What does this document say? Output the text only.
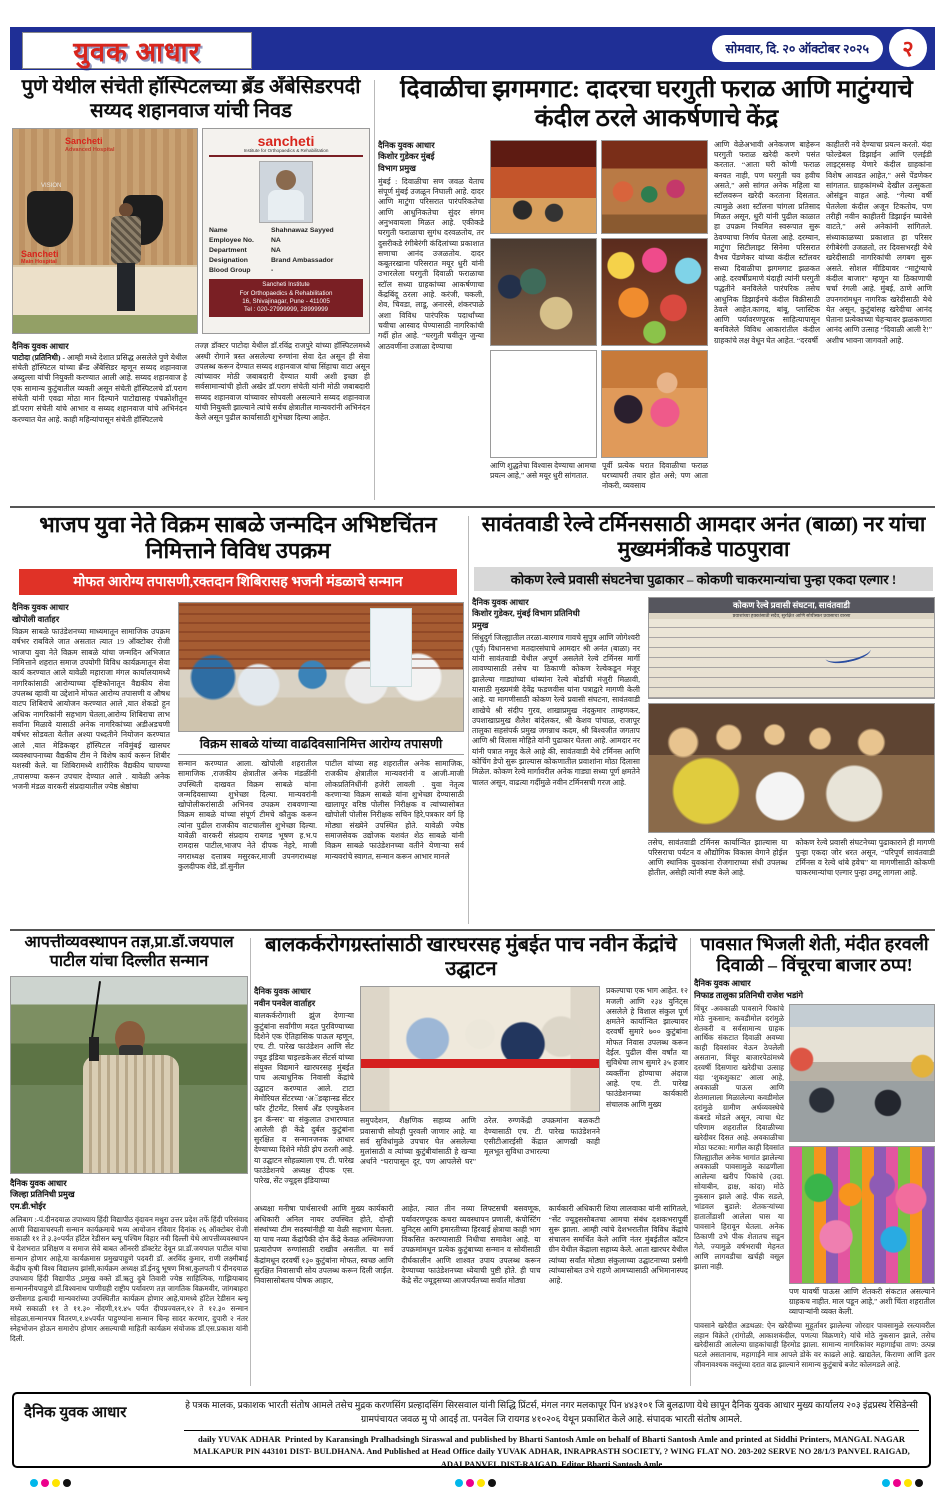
युवक आधार	सोमवार, दि. २० ऑक्टोबर २०२५	२
पुणे येथील संचेती हॉस्पिटलच्या ब्रँड अँबेसिडरपदी सय्यद शहानवाज यांची निवड
Sancheti
Advanced Hospital
VISION
Sancheti
Main Hospital
sancheti
Institute for Orthopaedics & Rehabilitation
Name	Shahnawaz Sayyed
Employee No.	NA
Department	NA
Designation	Brand Ambassador
Blood Group	-
Sancheti Institute
For Orthopaedics & Rehabilitation
16, Shivajinagar, Pune - 411005
Tel : 020-27999999, 28999999

दैनिक युवक आधार

पाटोदा (प्रतिनिधी) - आम्ही मध्ये देशात प्रसिद्ध असलेले पुणे येथील संचेती हॉस्पिटल यांच्या ब्रँन्ड अँबेसिडर म्हणून सय्यद शहानवाज अब्दुल्ला यांची नियुक्ती करण्यात आली आहे. सय्यद शहानवाज हे एक सामान्य कुटुंबातील व्यक्ती असून संचेती हॉस्पिटलचे डॉ.पराग संचेती यांनी एवढा मोठा मान दिल्याने पाटोद्यासह पंचक्रोशीतून डॉ.पराग संचेती यांचे आभार व सय्यद शहानवाज यांचे अभिनंदन करण्यात येत आहे. काही महिन्यांपासून संचेती हॉस्पिटलचे

तज्ज्ञ डॉक्टर पाटोदा येथील डॉ.रविंद्र राजपुरे यांच्या हॉस्पिटलमध्ये अस्थी रोगाने त्रस्त असलेल्या रुग्णांना सेवा देत असून ही सेवा उपलब्ध करून देण्यात सय्यद शहानवाज यांचा सिंहाचा वाटा असून त्यांच्यावर मोठी जबाबदारी देण्यात यावी अशी इच्छा ही सर्वसामान्यांची होती अखेर डॉ.पराग संचेती यांनी मोठी जबाबदारी सय्यद शहानवाज यांच्यावर सोपवली असल्याने सय्यद शहानवाज यांची नियुक्ती झाल्याने त्यांचे सर्वच क्षेत्रातील मान्यवरांनी अभिनंदन केले असून पुढील कार्यासाठी शुभेच्छा दिल्या आहेत.

दिवाळीचा झगमगाट: दादरचा घरगुती फराळ आणि माटुंग्याचे कंदील ठरले आकर्षणाचे केंद्र

दैनिक युवक आधार

किशोर गुडेकर मुंबई

विभाग प्रमुख

मुंबई : दिवाळीचा सण जवळ येताच संपूर्ण मुंबई उजळून निघाली आहे. दादर आणि माटुंगा परिसरात पारंपरिकतेचा आणि आधुनिकतेचा सुंदर संगम अनुभवायला मिळत आहे. एकीकडे घरगुती फराळाचा सुगंध दरवळतोय, तर दुसरीकडे रंगीबेरंगी कंदिलांच्या प्रकाशात सणाचा आनंद उजळतोय. दादर कबूतरखाना परिसरात मयूर धुरी यांनी उभारलेला घरगुती दिवाळी फराळाचा स्टॉल सध्या ग्राहकांच्या आकर्षणाचा केंद्रबिंदू ठरला आहे. करंजी, चकली, शेव, चिवडा, लाडू, अनारसे, शंकरपाळे अशा विविध पारंपरिक पदार्थांच्या चवीचा आस्वाद घेण्यासाठी नागरिकांची गर्दी होत आहे. “घरगुती चवीतून जुन्या आठवणींना उजाळा देण्याचा
आणि शुद्धतेचा विश्वास देण्याचा आमचा प्रयत्न आहे,” असे मयूर धुरी सांगतात.
पूर्वी प्रत्येक घरात दिवाळीचा फराळ घरच्याघरी तयार होत असे; पण आता नोकरी, व्यवसाय
आणि वेळेअभावी अनेकजण बाहेरून घरगुती फराळ खरेदी करणे पसंत करतात. “आता घरी कोणी फराळ बनवत नाही, पण घरगुती चव हवीच असते,” असे सांगत अनेक महिला या स्टॉलवरून खरेदी करताना दिसतात. त्यामुळे अशा स्टॉलना चांगला प्रतिसाद मिळत असून, धुरी यांनी पुढील काळात हा उपक्रम नियमित स्वरूपात सुरू ठेवण्याचा निर्णय घेतला आहे. दरम्यान, माटुंगा सिटीलाइट सिनेमा परिसरात वैभव पेंडणेकर यांच्या कंदील स्टॉलवर सध्या दिवाळीचा झगमगाट झळकत आहे. दरवर्षीप्रमाणे यंदाही त्यांनी घरगुती पद्धतीने बनविलेले पारंपरिक तसेच आधुनिक डिझाईनचे कंदील विक्रीसाठी ठेवले आहेत.कागद, बांबू, प्लास्टिक आणि पर्यावरणपूरक साहित्यापासून बनविलेले विविध आकारांतील कंदील ग्राहकांचे लक्ष वेधून घेत आहेत. “दरवर्षी
काहीतरी नवे देण्याचा प्रयत्न करतो. यंदा फोल्डेबल डिझाईन आणि एलईडी लाइट्ससह येणारे कंदील ग्राहकांना विशेष आवडत आहेत,” असे पेंडणेकर सांगतात. ग्राहकांमध्ये देखील उत्सुकता ओसंडून वाहत आहे. “गेल्या वर्षी घेतलेला कंदील अजून टिकतोय, पण तरीही नवीन काहीतरी डिझाईन घ्यावेसे वाटते,” असे अनेकांनी सांगितले. संध्याकाळच्या प्रकाशात हा परिसर रंगीबेरंगी उजळतो, तर दिवसभरही येथे खरेदीसाठी नागरिकांची लगबग सुरू असते. सोशल मीडियावर “माटुंग्याचे कंदील बाजार” म्हणून या ठिकाणाची चर्चा रंगली आहे. मुंबई, ठाणे आणि उपनगरांमधून नागरिक खरेदीसाठी येथे येत असून, कुटुंबांसह खरेदीचा आनंद घेताना प्रत्येकाच्या चेहऱ्यावर झळकणारा आनंद आणि उत्साह “दिवाळी आली रे!” अशीच भावना जागवतो आहे.
भाजप युवा नेते विक्रम साबळे जन्मदिन अभिष्टचिंतन निमित्ताने विविध उपक्रम
मोफत आरोग्य तपासणी,रक्तदान शिबिरासह भजनी मंडळाचे सन्मान

दैनिक युवक आधार

खोपोली वार्ताहर

विक्रम साबळे फाउंडेशनच्या माध्यमातून सामाजिक उपक्रम वर्षभर राबविले जात असतात त्यात 19 ऑक्टोबर रोजी भाजपा युवा नेते विक्रम साबळे यांचा जन्मदिन अभिजात निमित्ताने शहरात समाज उपयोगी विविध कार्यक्रमातून सेवा कार्य करण्यात आले यावेळी महाराजा मंगल कार्यालयामध्ये नागरिकांसाठी आरोग्याच्या दृष्टिकोनातून वैद्यकीय सेवा उपलब्ध व्हावी या उद्देशाने मोफत आरोग्य तपासणी व औषध वाटप शिबिराचे आयोजन करण्यात आले ,यात शेकडो हून अधिक नागरिकांनी सहभाग घेतला,आरोग्य शिबिराचा लाभ सर्वांना मिळावे यासाठी अनेक नागरिकांच्या अडीअडचणी वर्षभर सोडवता येतील अश्या पध्दतीने नियोजन करण्यात आले ,यात मेडिकव्हर हॉस्पिटल नविमुंबई खासघर व्यवस्थापनाच्या वैद्यकीय टीम ने विशेष कार्य करून शिबीर यशस्वी केले. या शिबिरामध्ये शारीरिक वैद्यकीय चाचण्या ,तपासण्या करून उपचार देण्यात आले . यावेळी अनेक भजनी मंडळ वारकरी संप्रदायातील ज्येष्ठ श्रेष्ठांचा
विक्रम साबळे यांच्या वाढदिवसानिमित्त आरोग्य तपासणी

सन्मान करण्यात आला. खोपोली शहरातील सामाजिक ,राजकीय क्षेत्रातील अनेक मंडळींनी उपस्थिती दाखवत विक्रम साबळे यांना जन्मदिवसाच्या शुभेच्छा दिल्या. मान्यवरांनी खोपोलीकरांसाठी अभिनव उपक्रम राबवणाऱ्या विक्रम साबळे यांच्या संपूर्ण टीमचे कौतुक करून त्यांना पुढील राजकीय वाटचालीस शुभेच्छा दिल्या. यावेळी वारकरी संप्रदाय रायगड भूषण ह.भ.प रामदास पाटील,भाजप नेते दीपक नेहरे, माजी नगराध्यक्ष दत्तात्रय मसुरकर,माजी उपनगराध्यक्ष कुलदीपक शेंडे, डॉ.सुनील

पाटील यांच्या सह शहरातील अनेक सामाजिक, राजकीय क्षेत्रातील मान्यवरांनी व आजी-माजी लोकप्रतिनिधींनी हजेरी लावली . युवा नेतृत्व करणाऱ्या विक्रम साबळे यांना शुभेच्छा देण्यासाठी खालापूर वरिष्ठ पोलीस निरीक्षक व त्यांच्यासोबत खोपोली पोलीस निरीक्षक सचिन हिरे,पत्रकार वर्ग हि मोठ्या संख्येने उपस्थित होते. यावेळी ज्येष्ठ समाजसेवक उद्योजक यशवंत शेठ साबळे यांनी विक्रम साबळे फाउंडेशनच्या वतीने येणाऱ्या सर्व मान्यवरांचे स्वागत, सन्मान करून आभार मानले

सावंतवाडी रेल्वे टर्मिनससाठी आमदार अनंत (बाळा) नर यांचा मुख्यमंत्रींकडे पाठपुरावा
कोकण रेल्वे प्रवासी संघटनेचा पुढाकार – कोकणी चाकरमान्यांचा पुन्हा एकदा एल्गार !

दैनिक युवक आधार

किशोर गुडेकर, मुंबई विभाग प्रतिनिधी

प्रमुख

सिंधुदुर्ग जिल्ह्यातील तरळा-बारगाव गावचे सुपुत्र आणि जोगेश्वरी (पूर्व) विधानसभा मतदारसंघाचे आमदार श्री अनंत (बाळा) नर यांनी सावंतवाडी येथील अपूर्ण असलेले रेल्वे टर्मिनस मार्गी लावण्यासाठी तसेच या ठिकाणी कोकण रेल्वेकडून मंजूर झालेल्या गाड्यांच्या थांब्यांना रेल्वे बोर्डाची मंजुरी मिळावी, यासाठी मुख्यमंत्री देवेंद्र फडणवीस यांना पत्राद्वारे मागणी केली आहे. या मागणीसाठी कोकण रेल्वे प्रवासी संघटना, सावंतवाडी शाखेचे श्री संदीप गुरव, शाखाप्रमुख नंदकुमार ताम्हणकर, उपशाखाप्रमुख शैलेश बांदेलकर, श्री केशव पांचाळ, राजापूर तालुका सहसंपर्क प्रमुख जगन्नाथ कदम, श्री बिश्वजीत जगताप आणि श्री विलास मोहिते यांनी पुढाकार घेतला आहे. आमदार नर यांनी पत्रात नमूद केले आहे की, सावंतवाडी येथे टर्मिनस आणि कोचिंग डेपो सुरू झाल्यास कोकणातील प्रवाशांना मोठा दिलासा मिळेल. कोकण रेल्वे मार्गावरील अनेक गाड्या सध्या पूर्ण क्षमतेने चालत असून, वाढत्या गर्दीमुळे नवीन टर्मिनसची गरज आहे.
कोकण रेल्वे प्रवासी संघटना, सावंतवाडी
प्रवाशांच्या हक्कांसाठी सदैव, सुरक्षित आणि सोयीस्कर प्रवासाचा वारसा

तसेच, सावंतवाडी टर्मिनस कार्यान्वित झाल्यास या परिसराचा पर्यटन व औद्योगिक विकास वेगाने होईल आणि स्थानिक युवकांना रोजगाराच्या संधी उपलब्ध होतील, असेही त्यांनी स्पष्ट केले आहे.

कोकण रेल्वे प्रवासी संघटनेच्या पुढाकाराने ही मागणी पुन्हा एकदा जोर धरत असून, “परिपूर्ण सावंतवाडी टर्मिनस व रेल्वे थांबे हवेच” या मागणीसाठी कोकणी चाकरमान्यांचा एल्गार पुन्हा उमटू लागला आहे.

आपत्तीव्यवस्थापन तज्ञ,प्रा.डॉ.जयपाल पाटील यांचा दिल्लीत सन्मान
दैनिक युवक आधार
जिल्हा प्रतिनिधी प्रमुख
एम.डी.भोईर
अलिबाग :-पं.दीनदयाळ उपाध्याय हिंदी विद्यापीठ वृंदावन मथुरा उत्तर प्रदेश तर्फे हिंदी परिसंवाद आणी विद्यावाचस्पती सन्मान कार्यक्रमाचे भव्य आयोजन रविवार दिनांक २६ ऑक्टोबर रोजी सकाळी ११ ते ३.३०पर्यंत हॉटेल रेडीसन ब्ल्यू पश्चिम विहार नवी दिल्ली येथे आपत्तीव्यवस्थापन चे देशभरात प्रशिक्षण व समाज सेवे बाबत ऑनररी डॉक्टरेट देवून प्रा.डॉ.जयपाल पाटील यांचा सन्मान होणार आहे,या कार्यक्रमास प्रमुखपाहुणे पदवरी डॉ. अरविंद कुमार, राणी लक्ष्मीबाई केंद्रीय कृषी विश्व विद्यालय झांसी,कार्यक्रम अध्यक्ष डॉ.ईनदु भूषण मिश्रा,कुलपती पं दीनदयाळ उपाध्याय हिंदी विद्यापीठ ,प्रमुख वक्ते डॉ.ऋतु दुबे तिवारी ज्येष्ठ साहित्यिक, गाझियाबाद सन्माननीयपाहुणे डॉ.विश्वनाथ पाणीग्रही राष्ट्रीय पर्यावरण तज्ञ जागतिक विक्रमवीर, जांगबाहरा छत्तीसगड इत्यादी मान्यवरांच्या उपस्थितीत कार्यक्रम होणार आहे,यामध्ये हॉटेल रेडीसन ब्ल्यू मध्ये सकाळी ११ ते ११.३० नोंदणी,११.४५ पर्यंत दीपप्रज्वलन,१२ ते १२.३० सन्मान सोहळा,सन्मानपत्र वितरण,१.४५पर्यंत पाहुण्यांना सन्मान चिन्ह सादर करणार, दुपारी २ नंतर स्नेहभोजन होऊन समारोप होणार असल्याची माहिती कार्यक्रम संयोजक डॉ.एस.प्रकाश यांनी दिली.
बालकर्करोगग्रस्तांसाठी खारघरसह मुंबईत पाच नवीन केंद्रांचे उद्घाटन

दैनिक युवक आधार

नवीन पनवेल वार्ताहर

बालकर्करोगाशी झुंज देणाऱ्या कुटुंबांना सर्वांगीण मदत पुरविण्याच्या दिशेने एक ऐतिहासिक पाऊल म्हणून, एच. टी. पारेख फाउंडेशन आणि सेंट ज्यूड इंडिया चाइल्डकेअर सेंटर्स यांच्या संयुक्त विद्यमाने खारघरसह मुंबईत पाच अत्याधुनिक निवासी केंद्रांचे उद्घाटन करण्यात आले. टाटा मेमोरियल सेंटरच्या ‘अॅडव्हान्स्ड सेंटर फॉर ट्रीटमेंट, रिसर्च अँड एज्युकेशन इन कॅन्सर’ या संकुलात उभारण्यात आलेली ही केंद्रे दुर्बल कुटुंबांना सुरक्षित व सन्मानजनक आधार देण्याच्या दिशेने मोठी झेप ठरली आहे. या उद्घाटन सोहळ्याला एच. टी. पारेख फाउंडेशनचे अध्यक्ष दीपक एस. पारेख, सेंट ज्यूड्स इंडियाच्या

समुपदेशन, शैक्षणिक सहाय्य आणि प्रवासाची सोयही पुरवली जाणार आहे. या सर्व सुविधांमुळे उपचार घेत असलेल्या मुलांसाठी व त्यांच्या कुटुंबीयांसाठी हे खऱ्या अर्थाने “घरापासून दूर, पण आपलेसे घर” ठरेल. रुग्णकेंद्री उपक्रमांना बळकटी देण्यासाठी एच. टी. पारेख फाउंडेशनने एसीटीआरईसी केंद्रात आणखी काही मूलभूत सुविधा उभारल्या

प्रकल्पाचा एक भाग आहेत. १२ मजली आणि २३४ युनिट्स असलेले हे विशाल संकुल पूर्ण क्षमतेने कार्यान्वित झाल्यावर दरवर्षी सुमारे ७०० कुटुंबांना मोफत निवास उपलब्ध करून देईल. पुढील वीस वर्षांत या सुविधेचा लाभ सुमारे ३५ हजार व्यक्तींना होण्याचा अंदाज आहे. एच. टी. पारेख फाउंडेशनच्या कार्यकारी संचालक आणि मुख्य

अध्यक्षा मनीषा पार्थसारथी आणि मुख्य कार्यकारी अधिकारी अनिल नायर उपस्थित होते, दोन्ही संस्थांच्या टीम सदस्यांनीही या वेळी सहभाग घेतला. या पाच नव्या केंद्रांपैकी दोन केंद्रे केवळ अस्थिमज्जा प्रत्यारोपण रुग्णांसाठी राखीव असतील. या सर्व केंद्रांमधून दरवर्षी १३० कुटुंबांना मोफत, स्वच्छ आणि सुरक्षित निवासाची सोय उपलब्ध करून दिली जाईल. निवासासोबतच पोषक आहार,

आहेत, त्यात तीन नव्या लिफ्टसची बसवणूक, पर्यावरणपूरक कचरा व्यवस्थापन प्रणाली, कंपोस्टिंग युनिट्स आणि इमारतीच्या हिरवाई क्षेत्राचा काही भाग विकसित करण्यासाठी निधीचा समावेश आहे. या उपक्रमांमधून प्रत्येक कुटुंबाच्या सन्मान व सोयीसाठी दीर्घकालीन आणि शाश्वत उपाय उपलब्ध करून देण्याच्या फाउंडेशनच्या ध्येयाची पुष्टी होते. ही पाच केंद्रे सेंट ज्यूड्सच्या आजपर्यंतच्या सर्वांत मोठ्या

कार्यकारी अधिकारी शिया लालवाका यांनी सांगितले, “सेंट ज्यूड्ससोबतचा आमचा संबंध दशकभरापूर्वी सुरू झाला. आम्ही त्यांचे देशभरातील विविध केंद्रांचे संचालन समर्थित केले आणि नंतर मुंबईतील कॉटन ग्रीन येथील केंद्राला सहाय्य केले. आता खारघर येथील त्यांच्या सर्वांत मोठ्या संकुलाच्या उद्घाटनाच्या प्रसंगी त्यांच्यासोबत उभे राहणे आमच्यासाठी अभिमानास्पद आहे.

पावसात भिजली शेती, मंदीत हरवली दिवाळी – विंचूरचा बाजार ठप्प!
दैनिक युवक आधार
निफाड तालुका प्रतिनिधी राजेश भडांगे
विंचूर -अवकाळी पावसाने पिकांचे मोठे नुकसान; कवडीमोल दरांमुळे शेतकरी व सर्वसामान्य ग्राहक आर्थिक संकटात दिवाळी अवघ्या काही दिवसांवर येऊन ठेपलेली असताना, विंचूर बाजारपेठांमध्ये दरवर्षी दिसणारा खरेदीचा उत्साह यंदा ‘शुकशुकाट’ आला आहे, अवकाळी पाऊस आणि शेतमालाला मिळालेल्या कवडीमोल दरांमुळे ग्रामीण अर्थव्यवस्थेचे कंबरडे मोडले असून, त्याचा थेट परिणाम शहरातील दिवाळीच्या खरेदीवर दिसत आहे. अवकाळीचा मोठा फटका: मागील काही दिवसांत जिल्ह्यातील अनेक भागांत झालेल्या अवकाळी पावसामुळे काढणीला आलेल्या खरीप पिकांचे (उदा. सोयाबीन, द्राक्ष, कांदा) मोठे नुकसान झाले आहे. पीक सडले, भांडवल बुडाले: शेतकऱ्यांच्या हातातोंडाशी आलेला घास या पावसाने हिरावून घेतला. अनेक ठिकाणी उभे पीक शेतातच सडून गेले, ज्यामुळे वर्षभराची मेहनत आणि लागवडीचा खर्चही वसूल झाला नाही.
पण यावर्षी पाऊस आणि शेतकरी संकटात असल्याने ग्राहकच नाहीत. माल पडून आहे,” अशी चिंता शहरातील व्यापाऱ्यांनी व्यक्त केली.
पावसाने खरेदीत अडथळा: ऐन खरेदीच्या मुहूर्तावर झालेल्या जोरदार पावसामुळे रस्त्यावरील लहान विक्रेते (रांगोळी, आकाशकंदील, पणत्या विक्रणारे) यांचे मोठे नुकसान झाले, तसेच खरेदीसाठी आलेल्या ग्राहकांचाही हिरमोड झाला. सामान्य नागरिकांवर महागाईचा ताण: उत्पन्न घटले असतानाच, महागाईने मात्र आपले डोके वर काढले आहे. खाद्यतेल, किराणा आणि इतर जीवनावश्यक वस्तूंच्या दरात वाढ झाल्याने सामान्य कुटुंबाचे बजेट कोलमडले आहे.
दैनिक युवक आधार	हे पत्रक मालक, प्रकाशक भारती संतोष आमले तसेच मुद्रक करणसिंग प्रल्हादसिंग सिरसवाल यांनी सिद्धि प्रिंटर्स, मंगल नगर मलकापूर पिन ४४३१०१ जि बुलढाणा येथे छापून दैनिक युवक आधार मुख्य कार्यालय २०३ इंद्रप्रस्थ रेसिडेन्सी ग्रामपंचायत जवळ मु पो आदई ता. पनवेल जि रायगड ४१०२०६ येथून प्रकाशित केले आहे. संपादक भारती संतोष आमले.
daily YUVAK ADHAR Printed by Karansingh Pralhadsingh Siraswal and published by Bharti Santosh Amle on behalf of Bharti Santosh Amle and printed at Siddhi Printers, MANGAL NAGAR MALKAPUR PIN 443101 DIST- BULDHANA. And Published at Head Office daily YUVAK ADHAR, INRAPRASTH SOCIETY, ? WING FLAT NO. 203-202 SERVE NO 28/1/3 PANVEL RAIGAD, ADAI PANVEL DIST-RAIGAD, Editor Bharti Santosh Amle
